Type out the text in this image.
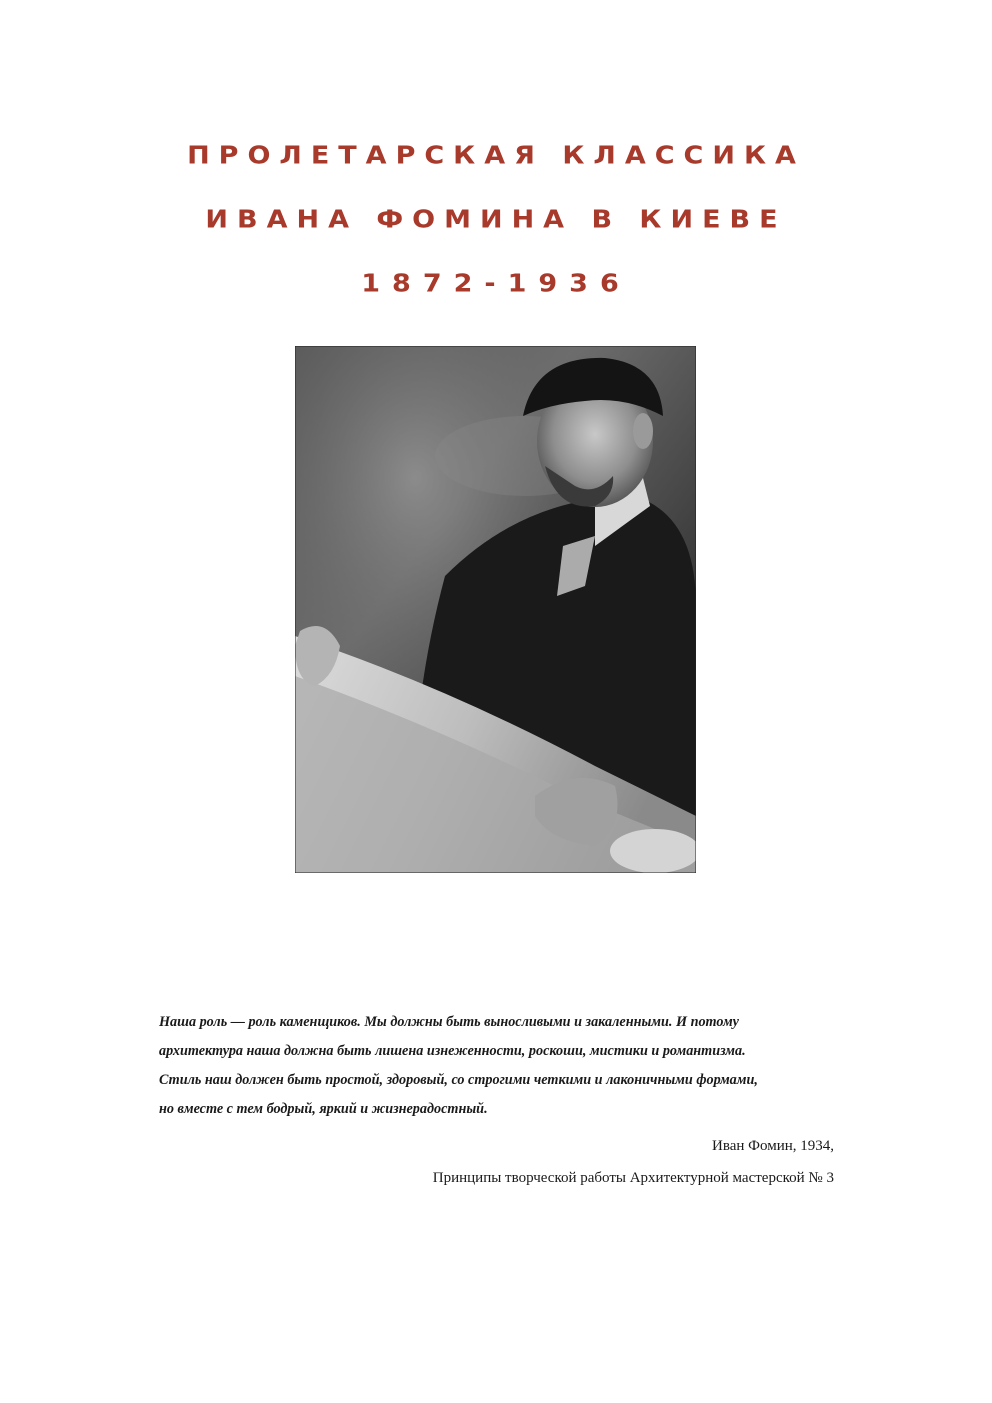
ПРОЛЕТАРСКАЯ КЛАССИКА
ИВАНА ФОМИНА В КИЕВЕ
1872-1936
Наша роль — роль каменщиков. Мы должны быть выносливыми и закаленными. И потому
архитектура наша должна быть лишена изнеженности, роскоши, мистики и романтизма.
Стиль наш должен быть простой, здоровый, со строгими четкими и лаконичными формами,
но вместе с тем бодрый, яркий и жизнерадостный.
Иван Фомин, 1934,
Принципы творческой работы Архитектурной мастерской № 3
